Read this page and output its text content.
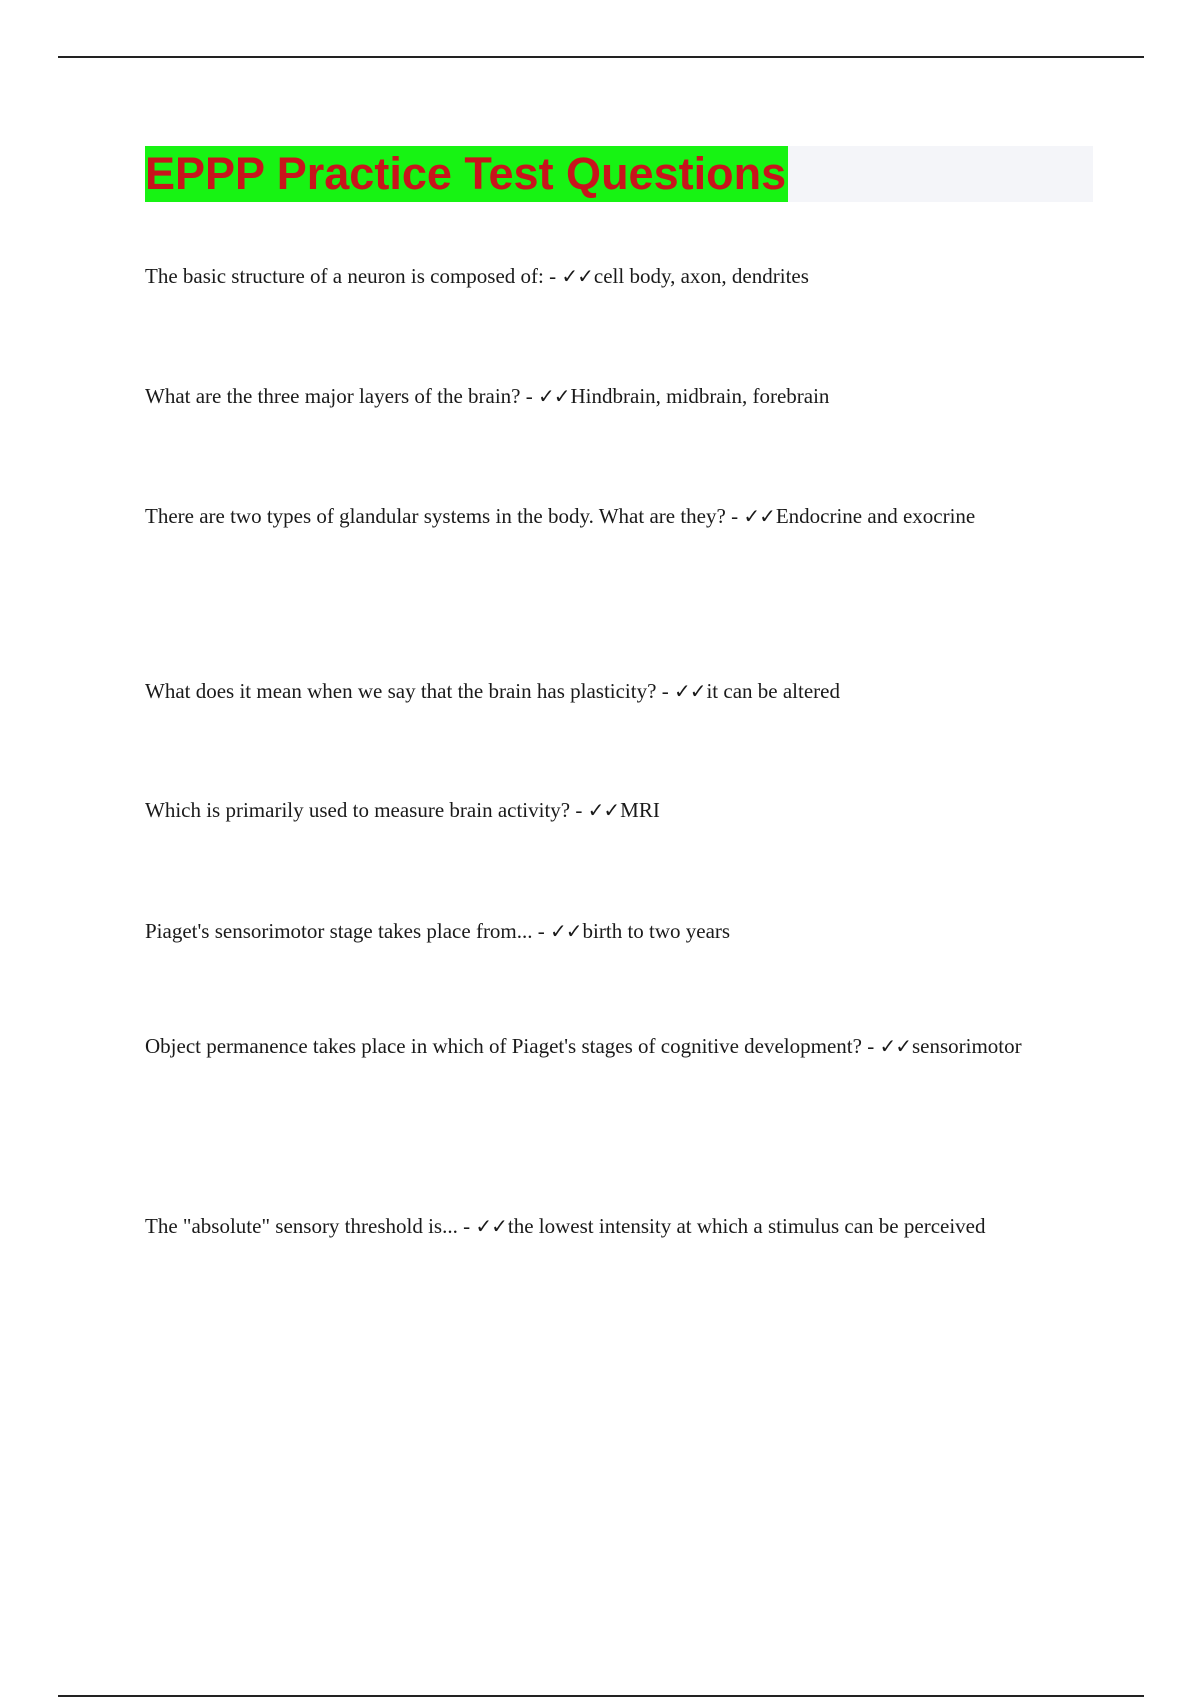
EPPP Practice Test Questions
The basic structure of a neuron is composed of: - ✓✓cell body, axon, dendrites
What are the three major layers of the brain? - ✓✓Hindbrain, midbrain, forebrain
There are two types of glandular systems in the body. What are they? - ✓✓Endocrine and exocrine
What does it mean when we say that the brain has plasticity? - ✓✓it can be altered
Which is primarily used to measure brain activity? - ✓✓MRI
Piaget's sensorimotor stage takes place from... - ✓✓birth to two years
Object permanence takes place in which of Piaget's stages of cognitive development? - ✓✓sensorimotor
The "absolute" sensory threshold is... - ✓✓the lowest intensity at which a stimulus can be perceived
